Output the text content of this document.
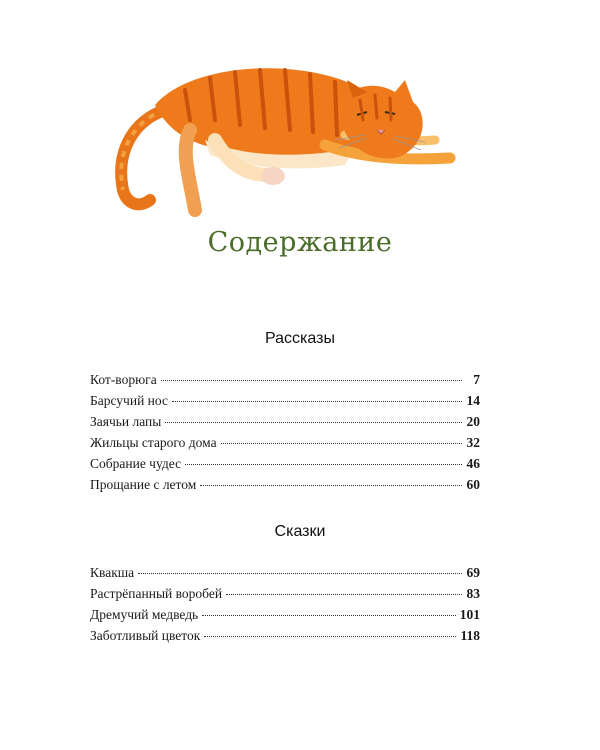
Содержание
Рассказы
Кот-ворюга	7
Барсучий нос	14
Заячьи лапы	20
Жильцы старого дома	32
Собрание чудес	46
Прощание с летом	60
Сказки
Квакша	69
Растрёпанный воробей	83
Дремучий медведь	101
Заботливый цветок	118
